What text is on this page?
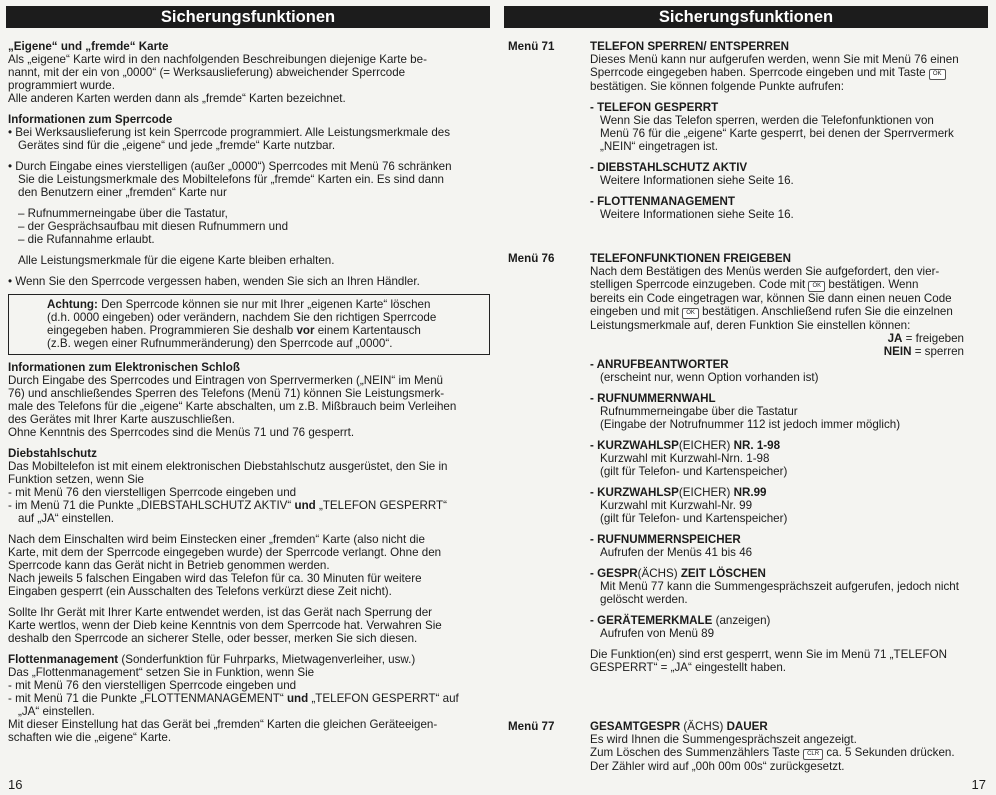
Sicherungsfunktionen

„Eigene“ und „fremde“ Karte

Als „eigene“ Karte wird in den nachfolgenden Beschreibungen diejenige Karte be-

nannt, mit der ein von „0000“ (= Werksauslieferung) abweichender Sperrcode

programmiert wurde.

Alle anderen Karten werden dann als „fremde“ Karten bezeichnet.

Informationen zum Sperrcode

• Bei Werksauslieferung ist kein Sperrcode programmiert. Alle Leistungsmerkmale des

Gerätes sind für die „eigene“ und jede „fremde“ Karte nutzbar.

• Durch Eingabe eines vierstelligen (außer „0000“) Sperrcodes mit Menü 76 schränken

Sie die Leistungsmerkmale des Mobiltelefons für „fremde“ Karten ein. Es sind dann

den Benutzern einer „fremden“ Karte nur

– Rufnummerneingabe über die Tastatur,

– der Gesprächsaufbau mit diesen Rufnummern und

– die Rufannahme erlaubt.

Alle Leistungsmerkmale für die eigene Karte bleiben erhalten.

• Wenn Sie den Sperrcode vergessen haben, wenden Sie sich an Ihren Händler.

Achtung: Den Sperrcode können sie nur mit Ihrer „eigenen Karte“ löschen

(d.h. 0000 eingeben) oder verändern, nachdem Sie den richtigen Sperrcode

eingegeben haben. Programmieren Sie deshalb vor einem Kartentausch

(z.B. wegen einer Rufnummeränderung) den Sperrcode auf „0000“.

Informationen zum Elektronischen Schloß

Durch Eingabe des Sperrcodes und Eintragen von Sperrvermerken („NEIN“ im Menü

76) und anschließendes Sperren des Telefons (Menü 71) können Sie Leistungsmerk-

male des Telefons für die „eigene“ Karte abschalten, um z.B. Mißbrauch beim Verleihen

des Gerätes mit Ihrer Karte auszuschließen.

Ohne Kenntnis des Sperrcodes sind die Menüs 71 und 76 gesperrt.

Diebstahlschutz

Das Mobiltelefon ist mit einem elektronischen Diebstahlschutz ausgerüstet, den Sie in

Funktion setzen, wenn Sie

- mit Menü 76 den vierstelligen Sperrcode eingeben und

- im Menü 71 die Punkte „DIEBSTAHLSCHUTZ AKTIV“ und „TELEFON GESPERRT“

auf „JA“ einstellen.

Nach dem Einschalten wird beim Einstecken einer „fremden“ Karte (also nicht die

Karte, mit dem der Sperrcode eingegeben wurde) der Sperrcode verlangt. Ohne den

Sperrcode kann das Gerät nicht in Betrieb genommen werden.

Nach jeweils 5 falschen Eingaben wird das Telefon für ca. 30 Minuten für weitere

Eingaben gesperrt (ein Ausschalten des Telefons verkürzt diese Zeit nicht).

Sollte Ihr Gerät mit Ihrer Karte entwendet werden, ist das Gerät nach Sperrung der

Karte wertlos, wenn der Dieb keine Kenntnis von dem Sperrcode hat. Verwahren Sie

deshalb den Sperrcode an sicherer Stelle, oder besser, merken Sie sich diesen.

Flottenmanagement (Sonderfunktion für Fuhrparks, Mietwagenverleiher, usw.)

Das „Flottenmanagement“ setzen Sie in Funktion, wenn Sie

- mit Menü 76 den vierstelligen Sperrcode eingeben und

- mit Menü 71 die Punkte „FLOTTENMANAGEMENT“ und „TELEFON GESPERRT“ auf

„JA“ einstellen.

Mit dieser Einstellung hat das Gerät bei „fremden“ Karten die gleichen Geräteeigen-

schaften wie die „eigene“ Karte.

16
Sicherungsfunktionen
Menü 71	TELEFON SPERREN/ ENTSPERREN

Dieses Menü kann nur aufgerufen werden, wenn Sie mit Menü 76 einen

Sperrcode eingegeben haben. Sperrcode eingeben und mit Taste OK

bestätigen. Sie können folgende Punkte aufrufen:

- TELEFON GESPERRT

Wenn Sie das Telefon sperren, werden die Telefonfunktionen von

Menü 76 für die „eigene“ Karte gesperrt, bei denen der Sperrvermerk

„NEIN“ eingetragen ist.

- DIEBSTAHLSCHUTZ AKTIV

Weitere Informationen siehe Seite 16.

- FLOTTENMANAGEMENT

Weitere Informationen siehe Seite 16.

Menü 76	TELEFONFUNKTIONEN FREIGEBEN

Nach dem Bestätigen des Menüs werden Sie aufgefordert, den vier-

stelligen Sperrcode einzugeben. Code mit OK bestätigen. Wenn

bereits ein Code eingetragen war, können Sie dann einen neuen Code

eingeben und mit OK bestätigen. Anschließend rufen Sie die einzelnen

Leistungsmerkmale auf, deren Funktion Sie einstellen können:

JA = freigeben

NEIN = sperren

- ANRUFBEANTWORTER

(erscheint nur, wenn Option vorhanden ist)

- RUFNUMMERNWAHL

Rufnummerneingabe über die Tastatur

(Eingabe der Notrufnummer 112 ist jedoch immer möglich)

- KURZWAHLSP(EICHER) NR. 1-98

Kurzwahl mit Kurzwahl-Nrn. 1-98

(gilt für Telefon- und Kartenspeicher)

- KURZWAHLSP(EICHER) NR.99

Kurzwahl mit Kurzwahl-Nr. 99

(gilt für Telefon- und Kartenspeicher)

- RUFNUMMERNSPEICHER

Aufrufen der Menüs 41 bis 46

- GESPR(ÄCHS) ZEIT LÖSCHEN

Mit Menü 77 kann die Summengesprächszeit aufgerufen, jedoch nicht

gelöscht werden.

- GERÄTEMERKMALE (anzeigen)

Aufrufen von Menü 89

Die Funktion(en) sind erst gesperrt, wenn Sie im Menü 71 „TELEFON

GESPERRT“ = „JA“ eingestellt haben.

Menü 77	GESAMTGESPR (ÄCHS) DAUER

Es wird Ihnen die Summengesprächszeit angezeigt.

Zum Löschen des Summenzählers Taste CLR ca. 5 Sekunden drücken.

Der Zähler wird auf „00h 00m 00s“ zurückgesetzt.

17
